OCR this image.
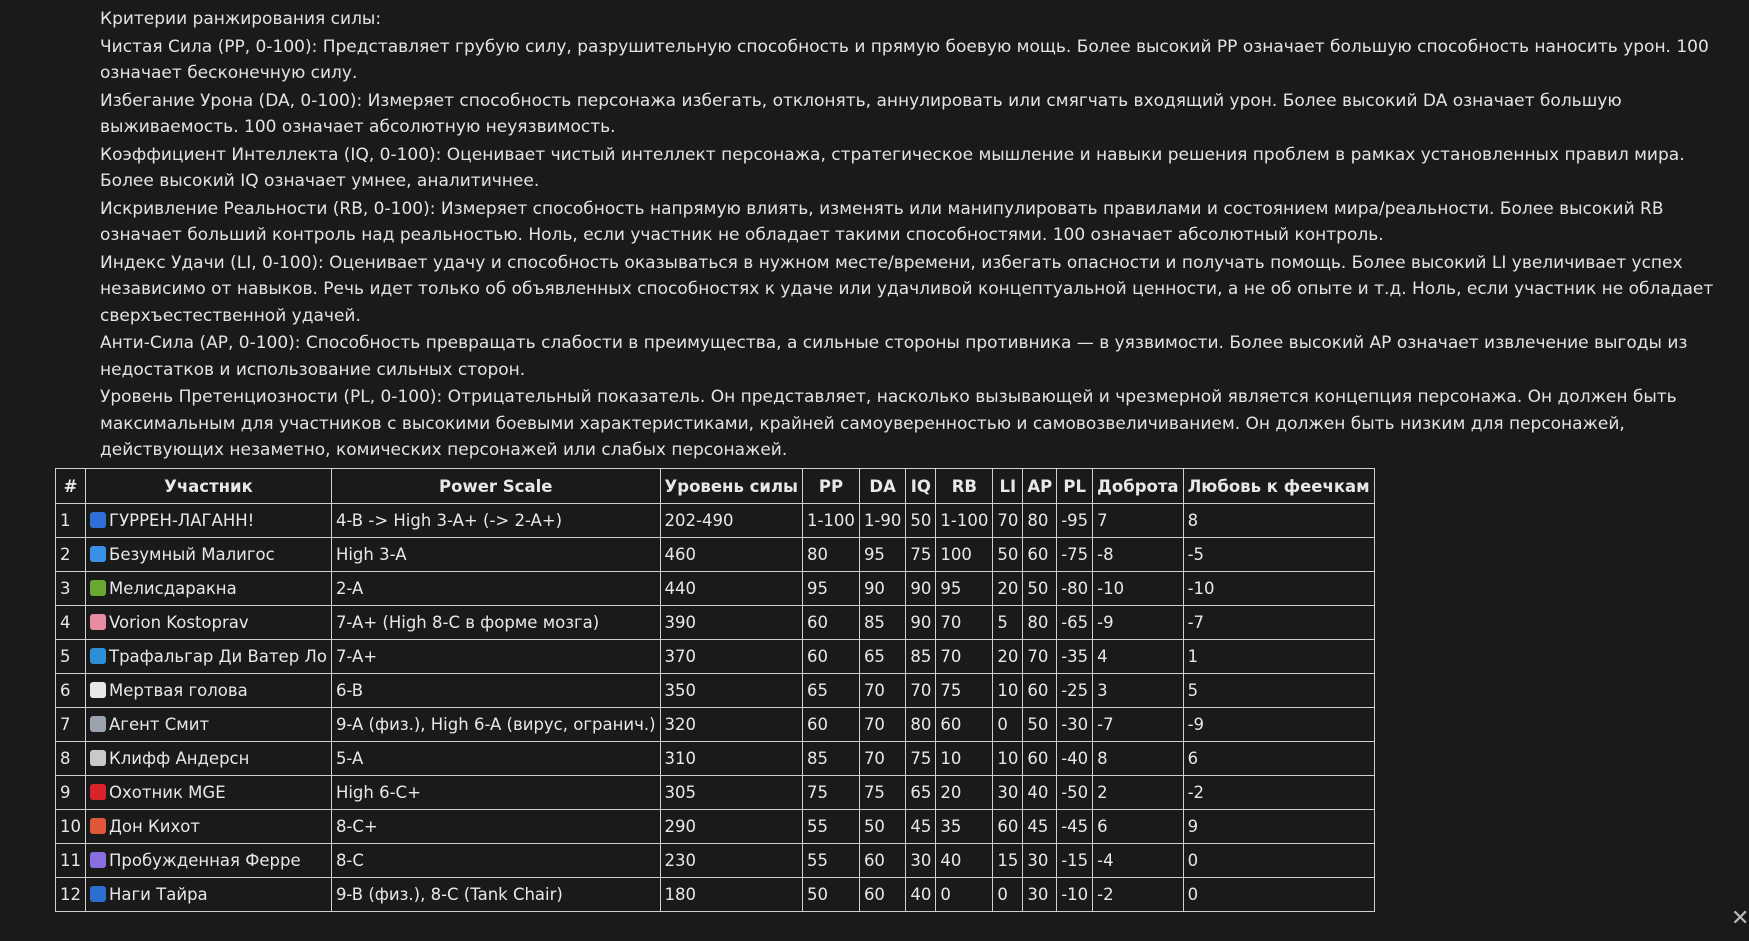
Критерии ранжирования силы:

Чистая Сила (PP, 0-100): Представляет грубую силу, разрушительную способность и прямую боевую мощь. Более высокий PP означает большую способность наносить урон. 100 означает бесконечную силу.

Избегание Урона (DA, 0-100): Измеряет способность персонажа избегать, отклонять, аннулировать или смягчать входящий урон. Более высокий DA означает большую выживаемость. 100 означает абсолютную неуязвимость.

Коэффициент Интеллекта (IQ, 0-100): Оценивает чистый интеллект персонажа, стратегическое мышление и навыки решения проблем в рамках установленных правил мира. Более высокий IQ означает умнее, аналитичнее.

Искривление Реальности (RB, 0-100): Измеряет способность напрямую влиять, изменять или манипулировать правилами и состоянием мира/реальности. Более высокий RB означает больший контроль над реальностью. Ноль, если участник не обладает такими способностями. 100 означает абсолютный контроль.

Индекс Удачи (LI, 0-100): Оценивает удачу и способность оказываться в нужном месте/времени, избегать опасности и получать помощь. Более высокий LI увеличивает успех независимо от навыков. Речь идет только об объявленных способностях к удаче или удачливой концептуальной ценности, а не об опыте и т.д. Ноль, если участник не обладает сверхъестественной удачей.

Анти-Сила (AP, 0-100): Способность превращать слабости в преимущества, а сильные стороны противника — в уязвимости. Более высокий AP означает извлечение выгоды из недостатков и использование сильных сторон.

Уровень Претенциозности (PL, 0-100): Отрицательный показатель. Он представляет, насколько вызывающей и чрезмерной является концепция персонажа. Он должен быть максимальным для участников с высокими боевыми характеристиками, крайней самоуверенностью и самовозвеличиванием. Он должен быть низким для персонажей, действующих незаметно, комических персонажей или слабых персонажей.

#	Участник	Power Scale	Уровень силы	PP	DA	IQ	RB	LI	AP	PL	Доброта	Любовь к феечкам
1	ГУРРЕН-ЛАГАНН!	4-B -> High 3-A+ (-> 2-A+)	202-490	1-100	1-90	50	1-100	70	80	-95	7	8
2	Безумный Малигос	High 3-A	460	80	95	75	100	50	60	-75	-8	-5
3	Мелисдаракна	2-A	440	95	90	90	95	20	50	-80	-10	-10
4	Vorion Kostoprav	7-A+ (High 8-C в форме мозга)	390	60	85	90	70	5	80	-65	-9	-7
5	Трафальгар Ди Ватер Ло	7-A+	370	60	65	85	70	20	70	-35	4	1
6	Мертвая голова	6-B	350	65	70	70	75	10	60	-25	3	5
7	Агент Смит	9-A (физ.), High 6-A (вирус, огранич.)	320	60	70	80	60	0	50	-30	-7	-9
8	Клифф Андерсн	5-A	310	85	70	75	10	10	60	-40	8	6
9	Охотник MGE	High 6-C+	305	75	75	65	20	30	40	-50	2	-2
10	Дон Кихот	8-C+	290	55	50	45	35	60	45	-45	6	9
11	Пробужденная Ферре	8-C	230	55	60	30	40	15	30	-15	-4	0
12	Наги Тайра	9-B (физ.), 8-C (Tank Chair)	180	50	60	40	0	0	30	-10	-2	0
✕
